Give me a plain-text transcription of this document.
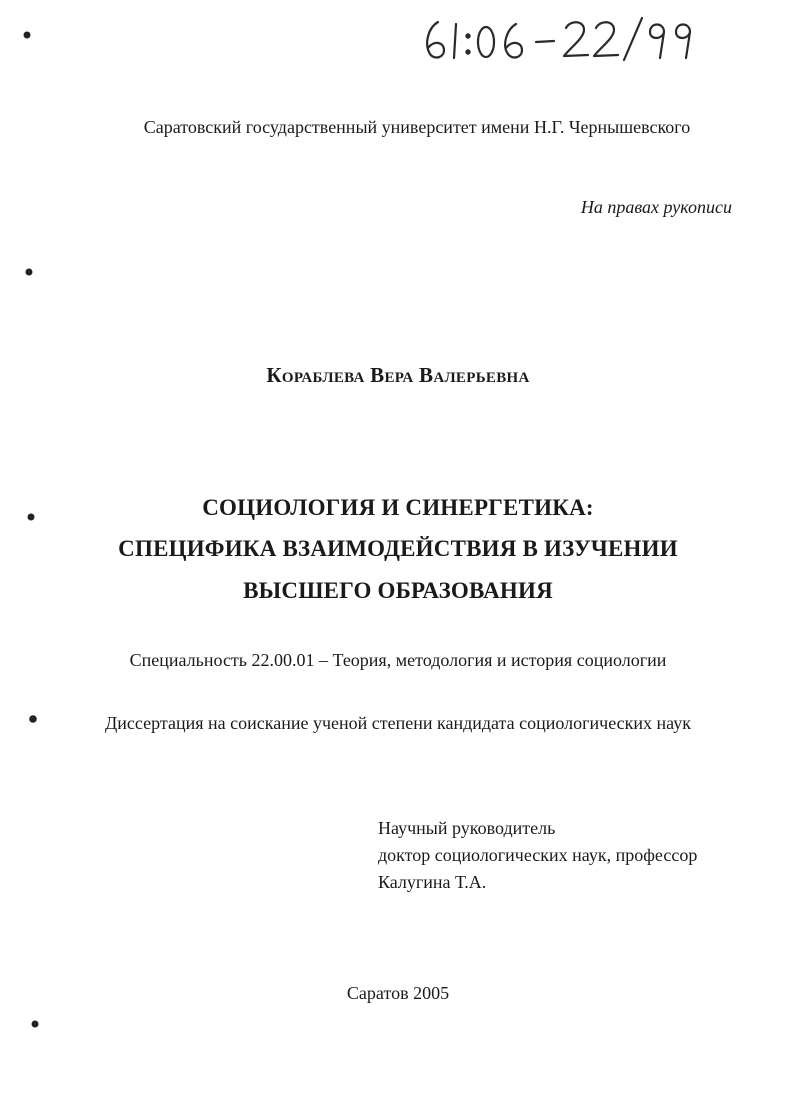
Саратовский государственный университет имени Н.Г. Чернышевского
На правах рукописи
Кораблева Вера Валерьевна
СОЦИОЛОГИЯ И СИНЕРГЕТИКА:
СПЕЦИФИКА ВЗАИМОДЕЙСТВИЯ В ИЗУЧЕНИИ
ВЫСШЕГО ОБРАЗОВАНИЯ
Специальность 22.00.01 – Теория, методология и история социологии
Диссертация на соискание ученой степени кандидата социологических наук
Научный руководитель
доктор социологических наук, профессор
Калугина Т.А.
Саратов 2005
